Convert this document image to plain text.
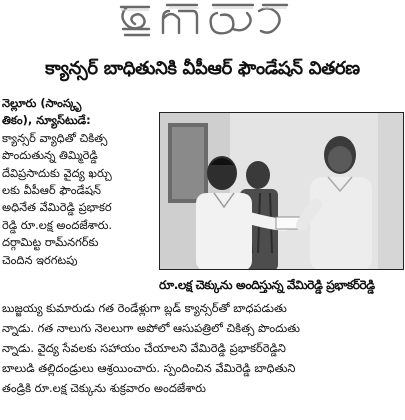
క్యాన్సర్ బాధితునికి వీపీఆర్ ఫౌండేషన్ వితరణ

నెల్లూరు (సాంస్కృ

తికం), న్యూస్‌టుడే:

క్యాన్సర్ వ్యాధితో చికిత్స

పొందుతున్న తిమ్మిరెడ్డి

దేవిప్రసాదుకు వైద్య ఖర్చు

లకు వీపీఆర్ ఫౌండేషన్

అధినేత వేమిరెడ్డి ప్రభాకర

రెడ్డి రూ.లక్ష అందజేశారు.

దర్గామిట్ట రామ్‌నగర్‌కు

చెందిన ఇరగటపు

రూ.లక్ష చెక్కును అందిస్తున్న వేమిరెడ్డి ప్రభాకర్‌రెడ్డి

బుజ్జయ్య కుమారుడు గత రెండేళ్లుగా బ్లడ్ క్యాన్సర్‌తో బాధపడుతు

న్నాడు. గత నాలుగు నెలలుగా అపోలో ఆసుపత్రిలో చికిత్స పొందుతు

న్నాడు. వైద్య సేవలకు సహాయం చేయాలని వేమిరెడ్డి ప్రభాకర్‌రెడ్డిని

బాలుడి తల్లిదండ్రులు ఆశ్రయించారు. స్పందించిన వేమిరెడ్డి బాధితుని

తండ్రికి రూ.లక్ష చెక్కును శుక్రవారం అందజేశారు
